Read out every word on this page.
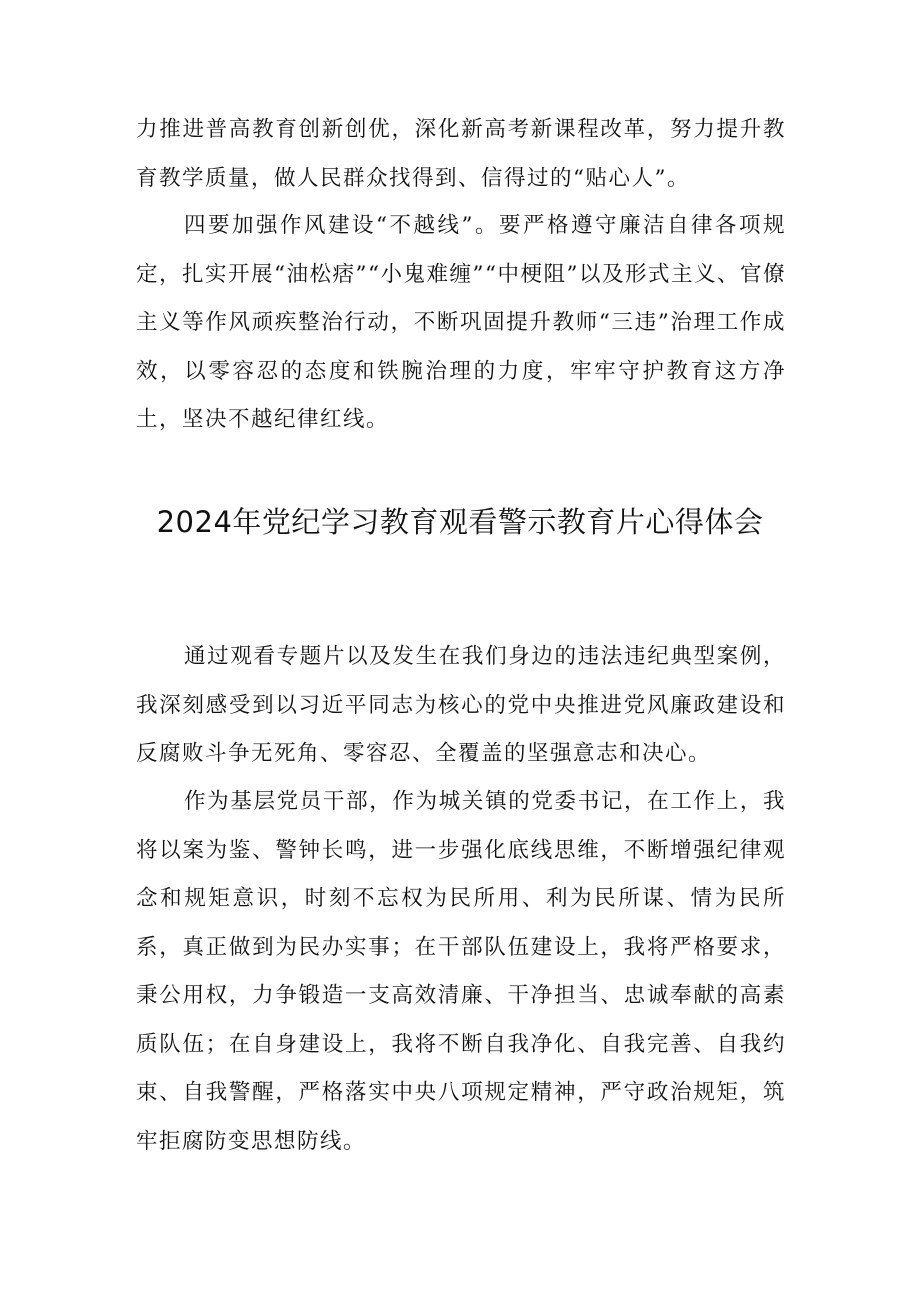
力推进普高教育创新创优，深化新高考新课程改革，努力提升教育教学质量，做人民群众找得到、信得过的“贴心人”。

四要加强作风建设“不越线”。要严格遵守廉洁自律各项规定，扎实开展“油松痞”“小鬼难缠”“中梗阻”以及形式主义、官僚主义等作风顽疾整治行动，不断巩固提升教师“三违”治理工作成效，以零容忍的态度和铁腕治理的力度，牢牢守护教育这方净土，坚决不越纪律红线。

2024年党纪学习教育观看警示教育片心得体会

通过观看专题片以及发生在我们身边的违法违纪典型案例，我深刻感受到以习近平同志为核心的党中央推进党风廉政建设和反腐败斗争无死角、零容忍、全覆盖的坚强意志和决心。

作为基层党员干部，作为城关镇的党委书记，在工作上，我将以案为鉴、警钟长鸣，进一步强化底线思维，不断增强纪律观念和规矩意识，时刻不忘权为民所用、利为民所谋、情为民所系，真正做到为民办实事；在干部队伍建设上，我将严格要求，秉公用权，力争锻造一支高效清廉、干净担当、忠诚奉献的高素质队伍；在自身建设上，我将不断自我净化、自我完善、自我约束、自我警醒，严格落实中央八项规定精神，严守政治规矩，筑牢拒腐防变思想防线。
